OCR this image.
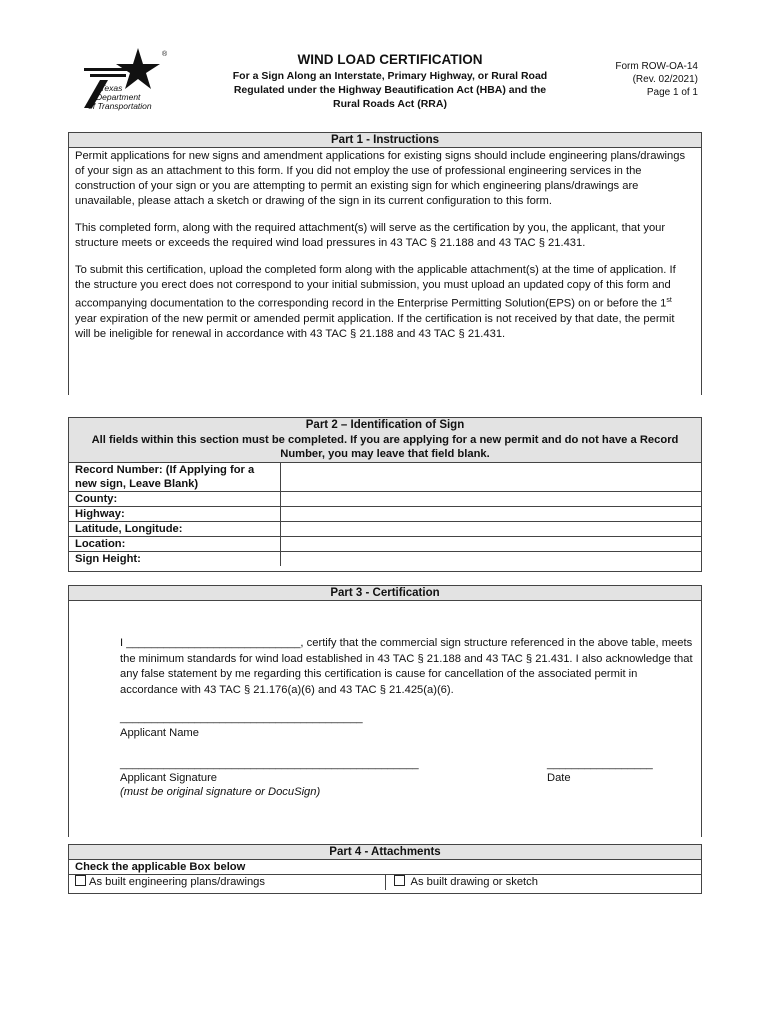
®
Texas
Department
of Transportation
WIND LOAD CERTIFICATION
For a Sign Along an Interstate, Primary Highway, or Rural Road
Regulated under the Highway Beautification Act (HBA) and the
Rural Roads Act (RRA)
Form ROW-OA-14
(Rev. 02/2021)
Page 1 of 1
Part 1 - Instructions

Permit applications for new signs and amendment applications for existing signs should include engineering plans/drawings of your sign as an attachment to this form. If you did not employ the use of professional engineering services in the construction of your sign or you are attempting to permit an existing sign for which engineering plans/drawings are unavailable, please attach a sketch or drawing of the sign in its current configuration to this form.

This completed form, along with the required attachment(s) will serve as the certification by you, the applicant, that your structure meets or exceeds the required wind load pressures in 43 TAC § 21.188 and 43 TAC § 21.431.

To submit this certification, upload the completed form along with the applicable attachment(s) at the time of application. If the structure you erect does not correspond to your initial submission, you must upload an updated copy of this form and accompanying documentation to the corresponding record in the Enterprise Permitting Solution(EPS) on or before the 1st year expiration of the new permit or amended permit application. If the certification is not received by that date, the permit will be ineligible for renewal in accordance with 43 TAC § 21.188 and 43 TAC § 21.431.

Part 2 – Identification of Sign
All fields within this section must be completed. If you are applying for a new permit and do not have a Record Number, you may leave that field blank.
Record Number: (If Applying for a new sign, Leave Blank)	
County:	
Highway:	
Latitude, Longitude:	
Location:	
Sign Height:	
Part 3 - Certification
I ____________________________, certify that the commercial sign structure referenced in the above table, meets the minimum standards for wind load established in 43 TAC § 21.188 and 43 TAC § 21.431. I also acknowledge that any false statement by me regarding this certification is cause for cancellation of the associated permit in accordance with 43 TAC § 21.176(a)(6) and 43 TAC § 21.425(a)(6).
_______________________________________
Applicant Name
________________________________________________
Applicant Signature
(must be original signature or DocuSign)
_________________
Date
Part 4 - Attachments
Check the applicable Box below
As built engineering plans/drawings	As built drawing or sketch
